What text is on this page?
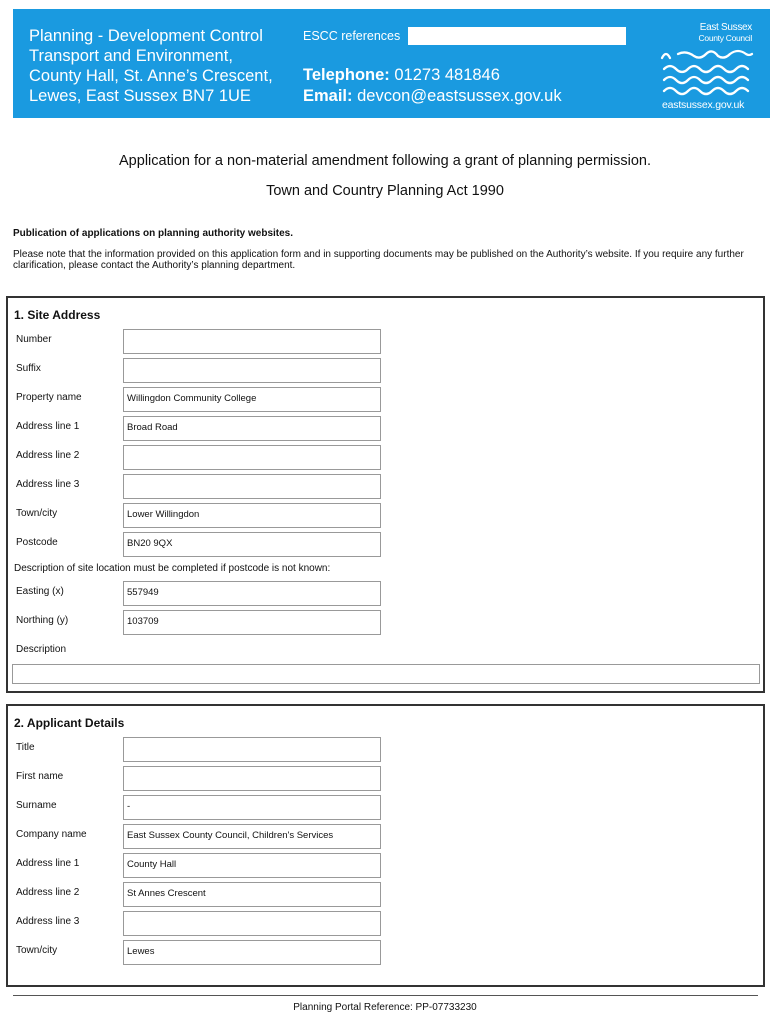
Planning - Development Control
Transport and Environment,
County Hall, St. Anne’s Crescent,
Lewes, East Sussex BN7 1UE
ESCC references
Telephone: 01273 481846
Email: devcon@eastsussex.gov.uk
East Sussex
County Council
eastsussex.gov.uk
Application for a non-material amendment following a grant of planning permission.
Town and Country Planning Act 1990
Publication of applications on planning authority websites.
Please note that the information provided on this application form and in supporting documents may be published on the Authority’s website. If you require any further clarification, please contact the Authority’s planning department.
1. Site Address
Number
Suffix
Property name	Willingdon Community College
Address line 1	Broad Road
Address line 2
Address line 3
Town/city	Lower Willingdon
Postcode	BN20 9QX
Description of site location must be completed if postcode is not known:
Easting (x)	557949
Northing (y)	103709
Description
2. Applicant Details
Title
First name
Surname	-
Company name	East Sussex County Council, Children's Services
Address line 1	County Hall
Address line 2	St Annes Crescent
Address line 3
Town/city	Lewes
Planning Portal Reference: PP-07733230
